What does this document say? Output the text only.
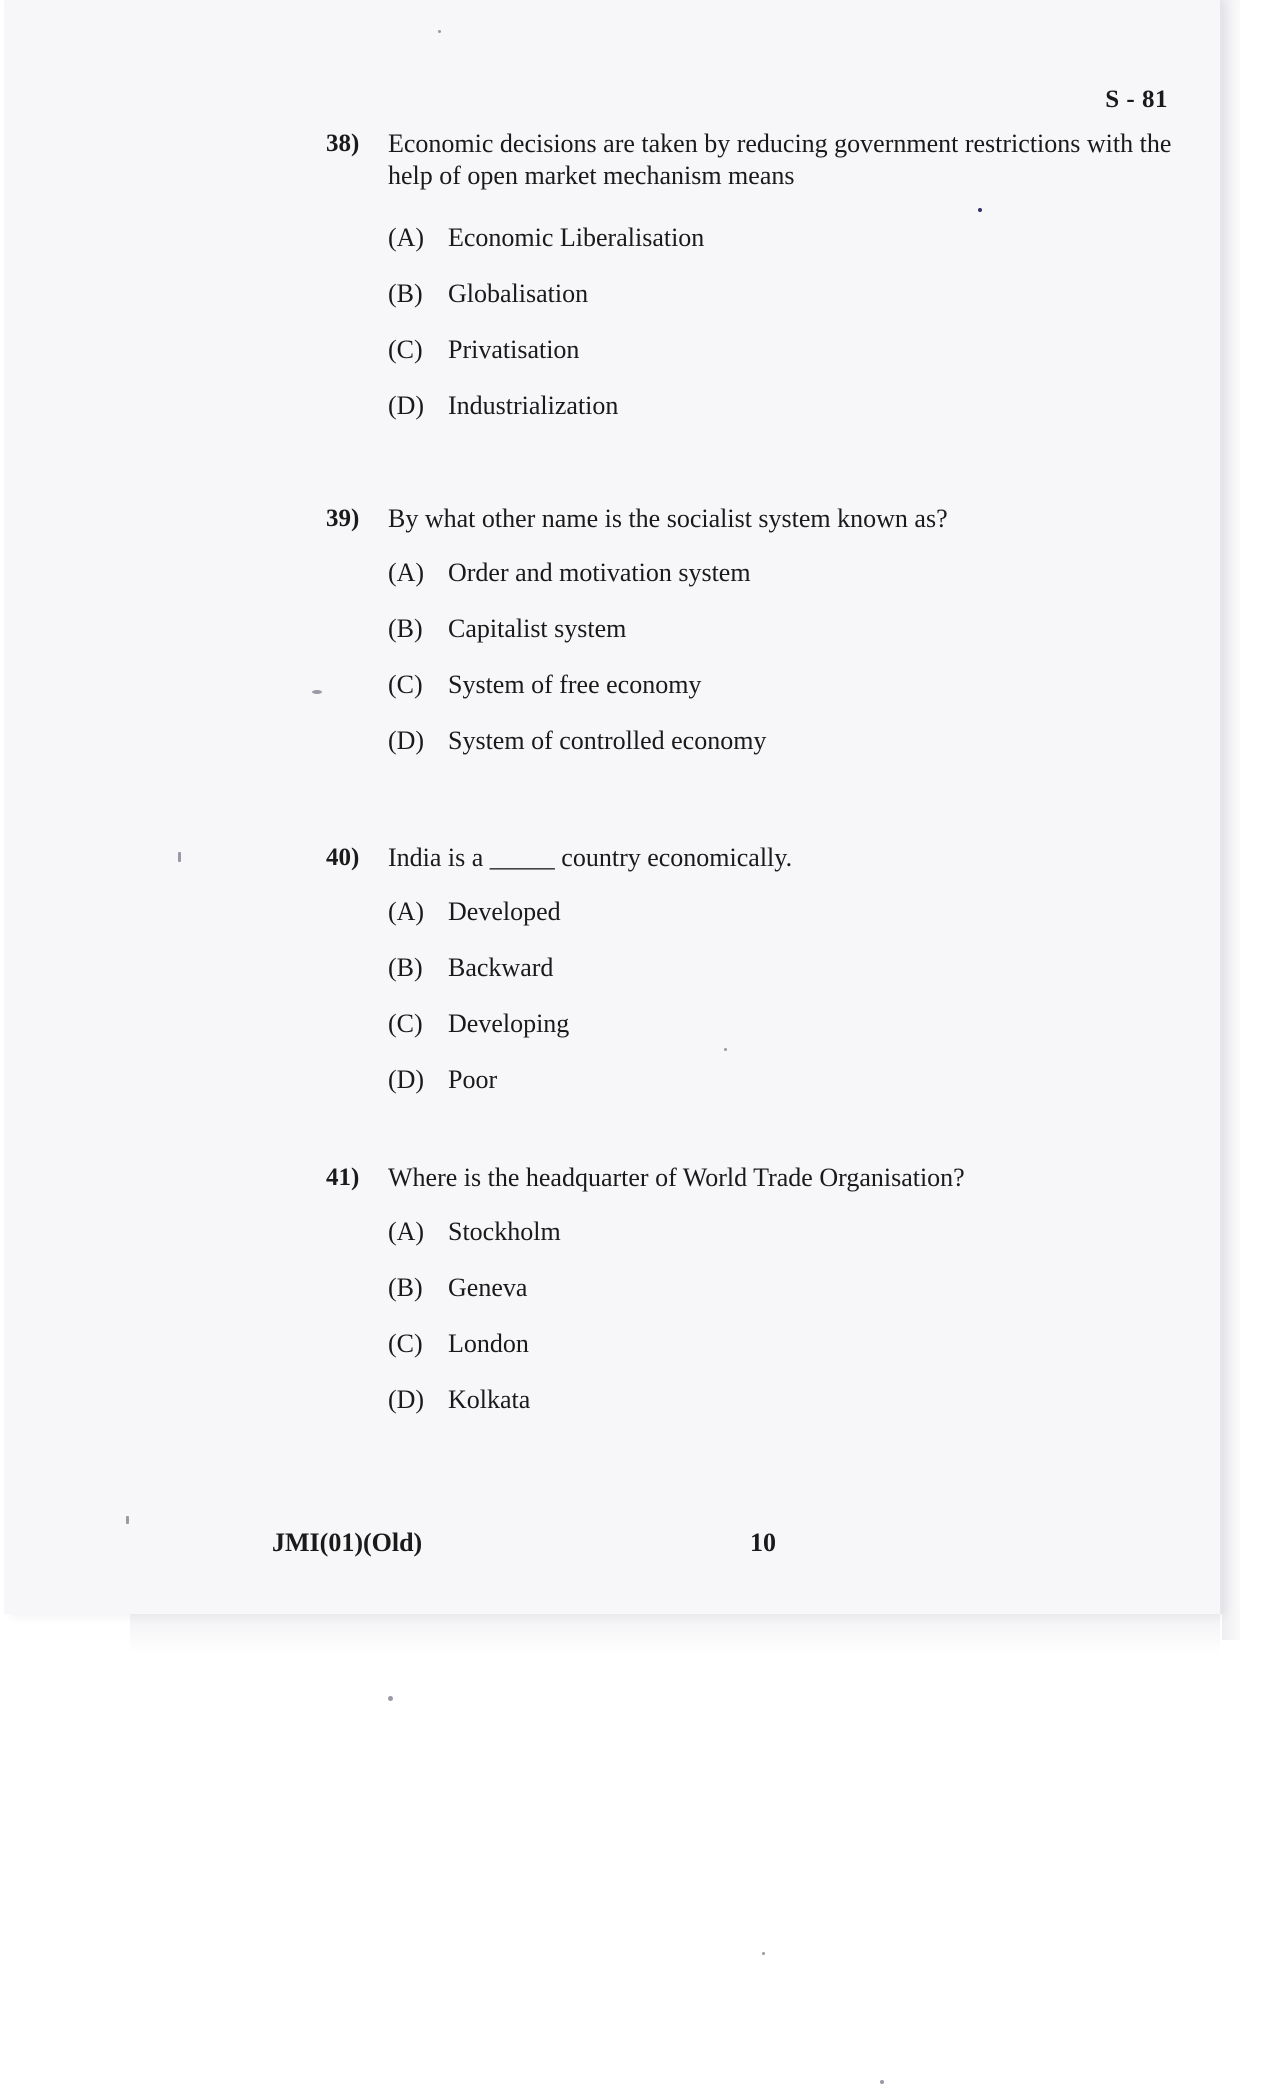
S - 81
38)	Economic decisions are taken by reducing government restrictions with the help of open market mechanism means
(A) Economic Liberalisation
(B) Globalisation
(C) Privatisation
(D) Industrialization
39)	By what other name is the socialist system known as?
(A) Order and motivation system
(B) Capitalist system
(C) System of free economy
(D) System of controlled economy
40)	India is a _____ country economically.
(A) Developed
(B) Backward
(C) Developing
(D) Poor
41)	Where is the headquarter of World Trade Organisation?
(A) Stockholm
(B) Geneva
(C) London
(D) Kolkata
JMI(01)(Old)	10
